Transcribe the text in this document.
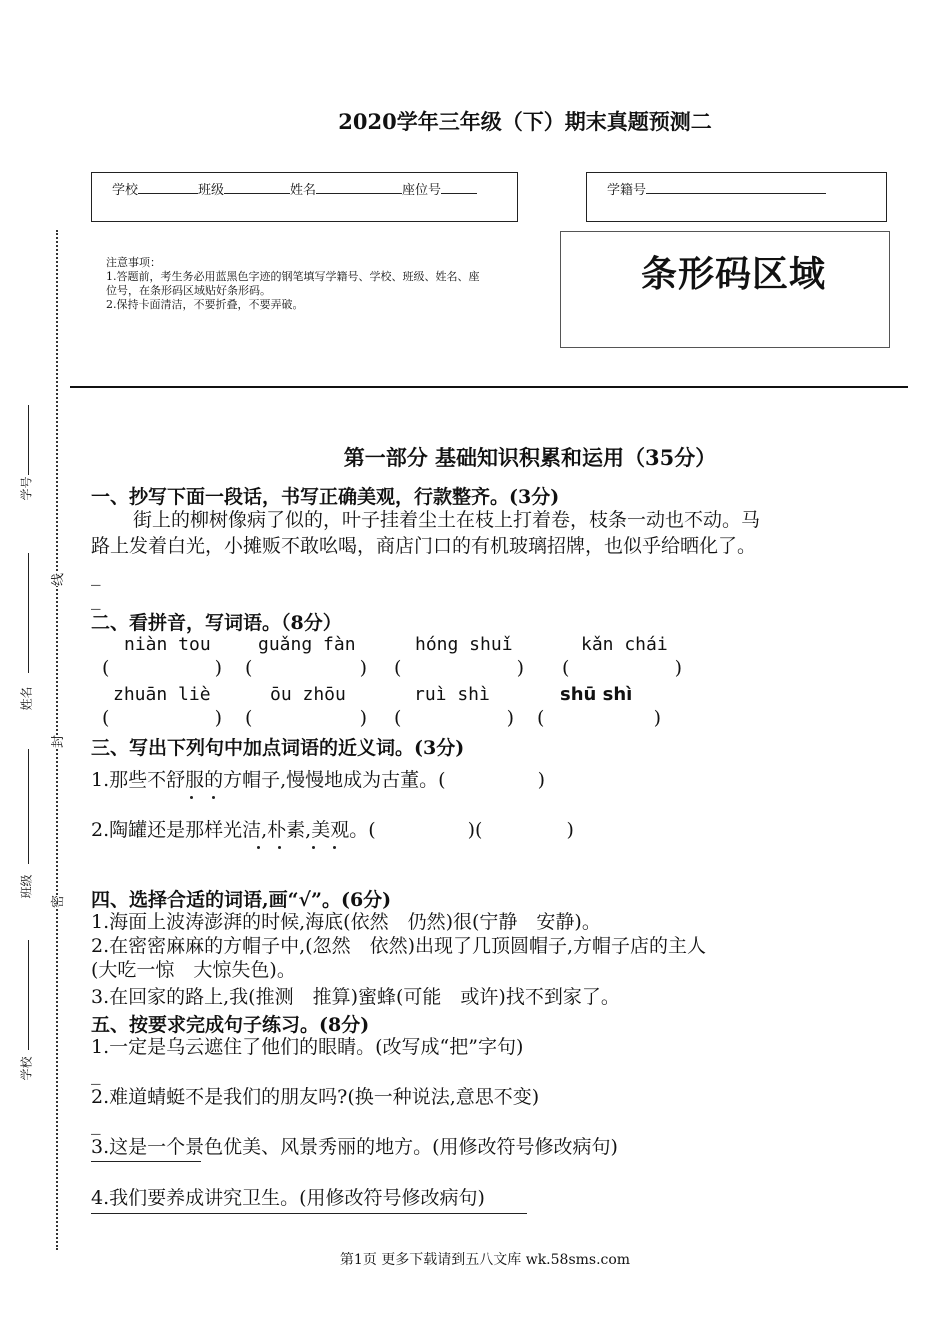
2020学年三年级（下）期末真题预测二
学校	班级	姓名	座位号	学籍号
注意事项：
1.答题前，考生务必用蓝黑色字迹的钢笔填写学籍号、学校、班级、姓名、座
位号，在条形码区域贴好条形码。
2.保持卡面清洁，不要折叠，不要弄破。
条形码区域
学号
姓名
班级
学校
线
封
密
第一部分 基础知识积累和运用（35分）
一、抄写下面一段话，书写正确美观，行款整齐。(3分)
街上的柳树像病了似的，叶子挂着尘土在枝上打着卷，枝条一动也不动。马
路上发着白光，小摊贩不敢吆喝，商店门口的有机玻璃招牌，也似乎给晒化了。
_
_
二、看拼音，写词语。（8分）
niàn tou	guǎng fàn	hóng shuǐ	kǎn chái
(	) (	) (	) (	)
zhuān liè	ōu zhōu	ruì shì	shū shì
(	) (	) (	) (	)
三、写出下列句中加点词语的近义词。(3分)
1.那些不舒服的方帽子,慢慢地成为古董。(	)
2.陶罐还是那样光洁,朴素,美观。(	)(	)
四、选择合适的词语,画“√”。(6分)
1.海面上波涛澎湃的时候,海底(依然　仍然)很(宁静　安静)。
2.在密密麻麻的方帽子中,(忽然　依然)出现了几顶圆帽子,方帽子店的主人
(大吃一惊　大惊失色)。
3.在回家的路上,我(推测　推算)蜜蜂(可能　或许)找不到家了。
五、按要求完成句子练习。(8分)
1.一定是乌云遮住了他们的眼睛。(改写成“把”字句)
_
2.难道蜻蜓不是我们的朋友吗?(换一种说法,意思不变)
_
3.这是一个景色优美、风景秀丽的地方。(用修改符号修改病句)
4.我们要养成讲究卫生。(用修改符号修改病句)
第1页 更多下载请到五八文库 wk.58sms.com
